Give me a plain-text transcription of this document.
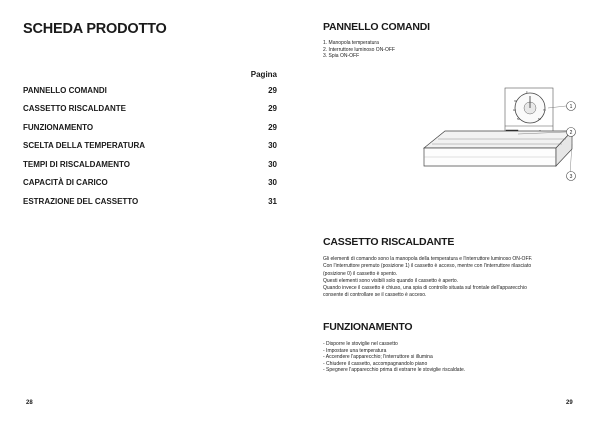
SCHEDA PRODOTTO
Pagina
PANNELLO COMANDI	29
CASSETTO RISCALDANTE	29
FUNZIONAMENTO	29
SCELTA DELLA TEMPERATURA	30
TEMPI DI RISCALDAMENTO	30
CAPACITÀ DI CARICO	30
ESTRAZIONE DEL CASSETTO	31
28
PANNELLO COMANDI
1. Manopola temperatura
2. Interruttore luminoso ON-OFF
3. Spia ON-OFF
0
30
40
50	60
70
1
2
3
CASSETTO RISCALDANTE
Gli elementi di comando sono la manopola della temperatura e l'interruttore luminoso ON-OFF.
Con l'interruttore premuto (posizione 1) il cassetto è acceso, mentre con l'interruttore rilasciato
(posizione 0) il cassetto è spento.
Questi elementi sono visibili solo quando il cassetto è aperto.
Quando invece il cassetto è chiuso, una spia di controllo situata sul frontale dell'apparecchio
consente di controllare se il cassetto è acceso.
FUNZIONAMENTO
- Disporre le stoviglie nel cassetto
- Impostare una temperatura
- Accendere l'apparecchio; l'interruttore si illumina
- Chiudere il cassetto, accompagnandolo piano
- Spegnere l'apparecchio prima di estrarre le stoviglie riscaldate.
29
